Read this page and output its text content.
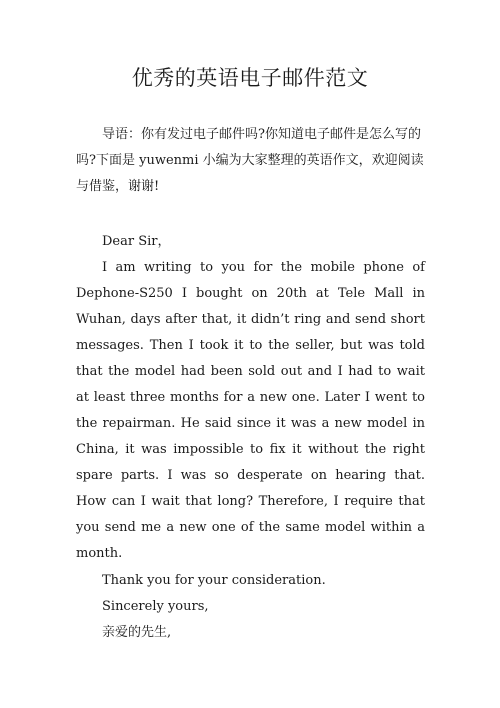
优秀的英语电子邮件范文

导语：你有发过电子邮件吗?你知道电子邮件是怎么写的吗?下面是 yuwenmi 小编为大家整理的英语作文，欢迎阅读与借鉴，谢谢!

Dear Sir，

I am writing to you for the mobile phone of Dephone-S250 I bought on 20th at Tele Mall in Wuhan, days after that, it didn’t ring and send short messages. Then I took it to the seller, but was told that the model had been sold out and I had to wait at least three months for a new one. Later I went to the repairman. He said since it was a new model in China, it was impossible to fix it without the right spare parts. I was so desperate on hearing that. How can I wait that long? Therefore, I require that you send me a new one of the same model within a month.

Thank you for your consideration.

Sincerely yours,

亲爱的先生,
